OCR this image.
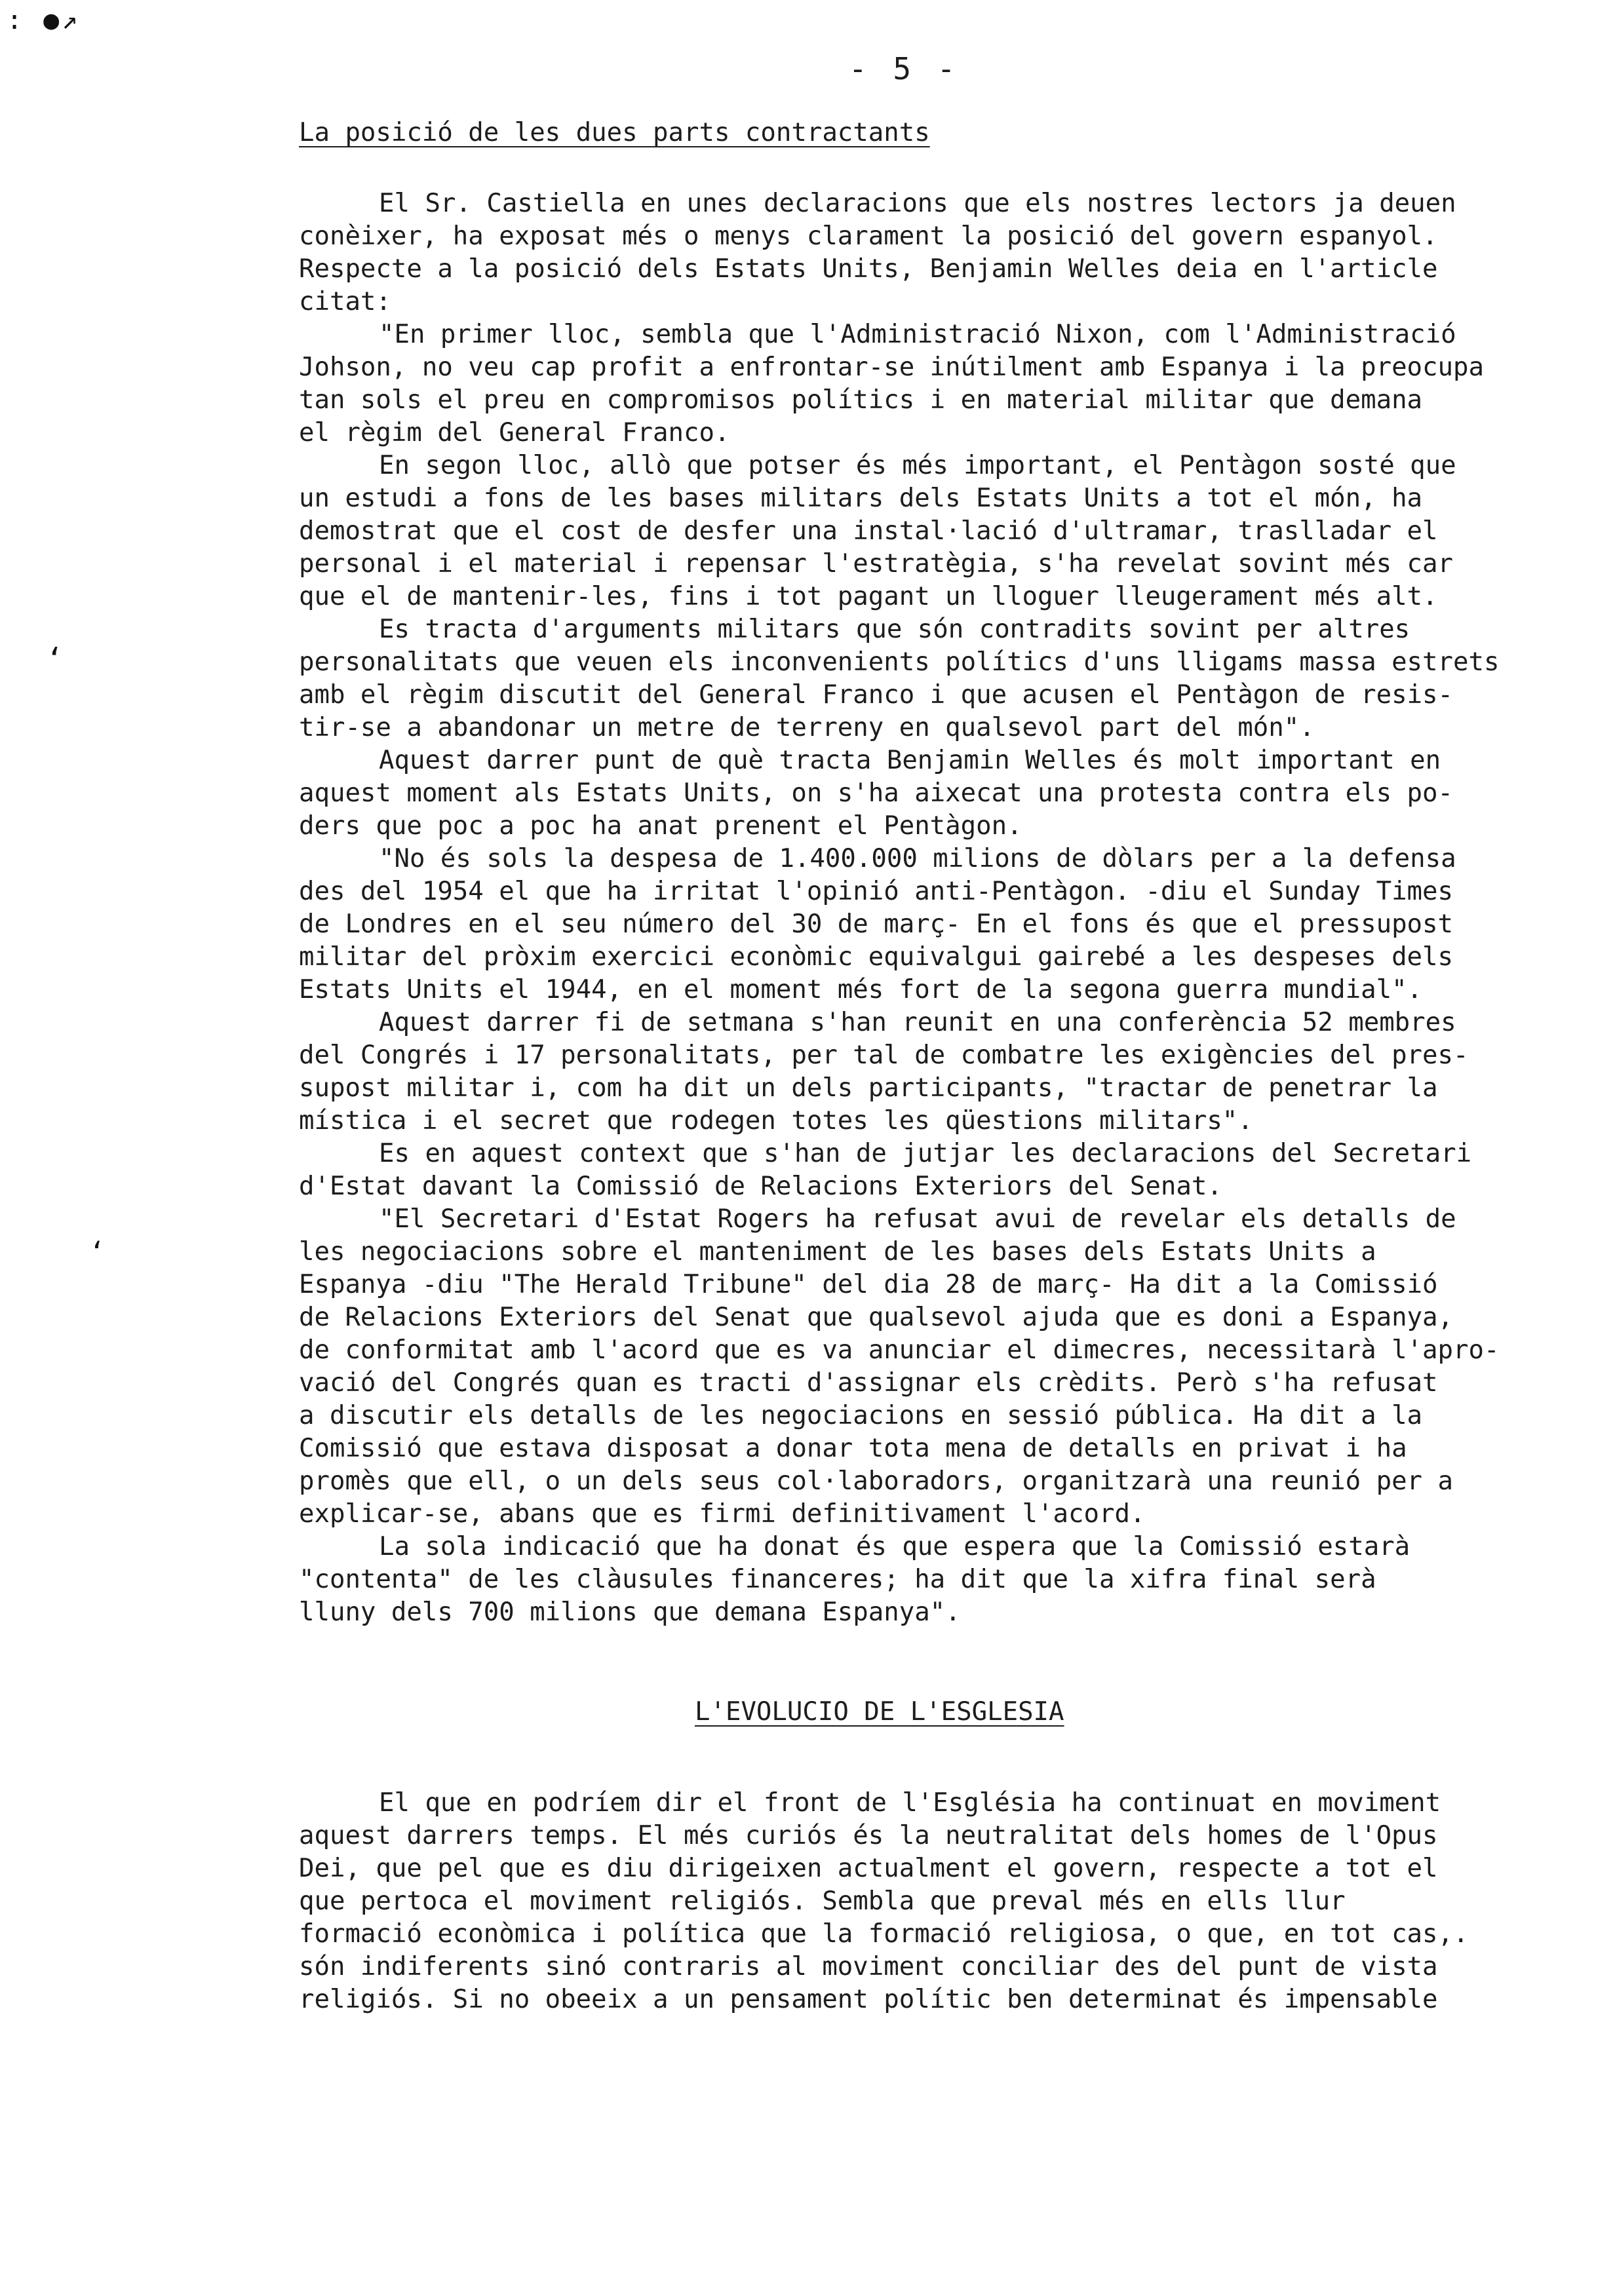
: ●↗
‘
‘
- 5 -
La posició de les dues parts contractants
El Sr. Castiella en unes declaracions que els nostres lectors ja deuen
conèixer, ha exposat més o menys clarament la posició del govern espanyol.
Respecte a la posició dels Estats Units, Benjamin Welles deia en l'article
citat:
"En primer lloc, sembla que l'Administració Nixon, com l'Administració
Johson, no veu cap profit a enfrontar-se inútilment amb Espanya i la preocupa
tan sols el preu en compromisos polítics i en material militar que demana
el règim del General Franco.
En segon lloc, allò que potser és més important, el Pentàgon sosté que
un estudi a fons de les bases militars dels Estats Units a tot el món, ha
demostrat que el cost de desfer una instal·lació d'ultramar, traslladar el
personal i el material i repensar l'estratègia, s'ha revelat sovint més car
que el de mantenir-les, fins i tot pagant un lloguer lleugerament més alt.
Es tracta d'arguments militars que són contradits sovint per altres
personalitats que veuen els inconvenients polítics d'uns lligams massa estrets
amb el règim discutit del General Franco i que acusen el Pentàgon de resis-
tir-se a abandonar un metre de terreny en qualsevol part del món".
Aquest darrer punt de què tracta Benjamin Welles és molt important en
aquest moment als Estats Units, on s'ha aixecat una protesta contra els po-
ders que poc a poc ha anat prenent el Pentàgon.
"No és sols la despesa de 1.400.000 milions de dòlars per a la defensa
des del 1954 el que ha irritat l'opinió anti-Pentàgon. -diu el Sunday Times
de Londres en el seu número del 30 de març- En el fons és que el pressupost
militar del pròxim exercici econòmic equivalgui gairebé a les despeses dels
Estats Units el 1944, en el moment més fort de la segona guerra mundial".
Aquest darrer fi de setmana s'han reunit en una conferència 52 membres
del Congrés i 17 personalitats, per tal de combatre les exigències del pres-
supost militar i, com ha dit un dels participants, "tractar de penetrar la
mística i el secret que rodegen totes les qüestions militars".
Es en aquest context que s'han de jutjar les declaracions del Secretari
d'Estat davant la Comissió de Relacions Exteriors del Senat.
"El Secretari d'Estat Rogers ha refusat avui de revelar els detalls de
les negociacions sobre el manteniment de les bases dels Estats Units a
Espanya -diu "The Herald Tribune" del dia 28 de març- Ha dit a la Comissió
de Relacions Exteriors del Senat que qualsevol ajuda que es doni a Espanya,
de conformitat amb l'acord que es va anunciar el dimecres, necessitarà l'apro-
vació del Congrés quan es tracti d'assignar els crèdits. Però s'ha refusat
a discutir els detalls de les negociacions en sessió pública. Ha dit a la
Comissió que estava disposat a donar tota mena de detalls en privat i ha
promès que ell, o un dels seus col·laboradors, organitzarà una reunió per a
explicar-se, abans que es firmi definitivament l'acord.
La sola indicació que ha donat és que espera que la Comissió estarà
"contenta" de les clàusules financeres; ha dit que la xifra final serà
lluny dels 700 milions que demana Espanya".
L'EVOLUCIO DE L'ESGLESIA
El que en podríem dir el front de l'Església ha continuat en moviment
aquest darrers temps. El més curiós és la neutralitat dels homes de l'Opus
Dei, que pel que es diu dirigeixen actualment el govern, respecte a tot el
que pertoca el moviment religiós. Sembla que preval més en ells llur
formació econòmica i política que la formació religiosa, o que, en tot cas,.
són indiferents sinó contraris al moviment conciliar des del punt de vista
religiós. Si no obeeix a un pensament polític ben determinat és impensable
